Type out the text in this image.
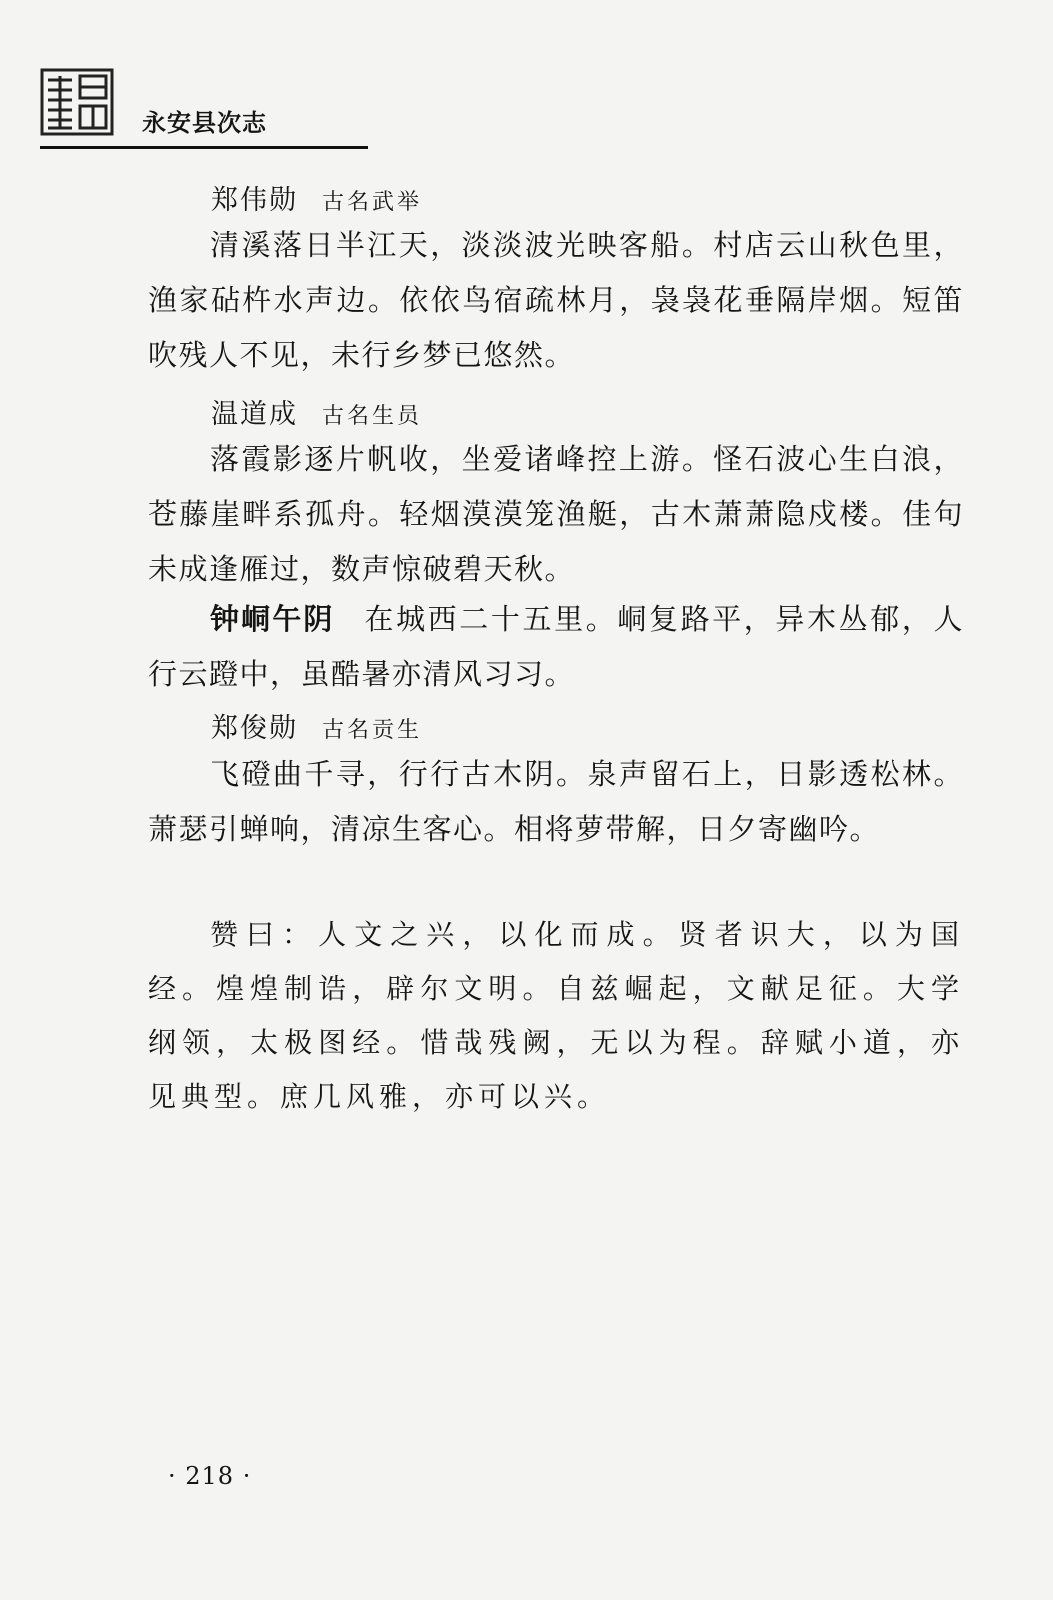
永安县次志
郑伟勋 古名武举

清溪落日半江天，淡淡波光映客船。村店云山秋色里，渔家砧杵水声边。依依鸟宿疏林月，袅袅花垂隔岸烟。短笛吹残人不见，未行乡梦已悠然。

温道成 古名生员

落霞影逐片帆收，坐爱诸峰控上游。怪石波心生白浪，苍藤崖畔系孤舟。轻烟漠漠笼渔艇，古木萧萧隐戍楼。佳句未成逢雁过，数声惊破碧天秋。

钟峒午阴 在城西二十五里。峒复路平，异木丛郁，人行云蹬中，虽酷暑亦清风习习。

郑俊勋 古名贡生

飞磴曲千寻，行行古木阴。泉声留石上，日影透松林。萧瑟引蝉响，清凉生客心。相将萝带解，日夕寄幽吟。

赞曰：人文之兴，以化而成。贤者识大，以为国经。煌煌制诰，辟尔文明。自兹崛起，文献足征。大学纲领，太极图经。惜哉残阙，无以为程。辞赋小道，亦见典型。庶几风雅，亦可以兴。

· 218 ·
